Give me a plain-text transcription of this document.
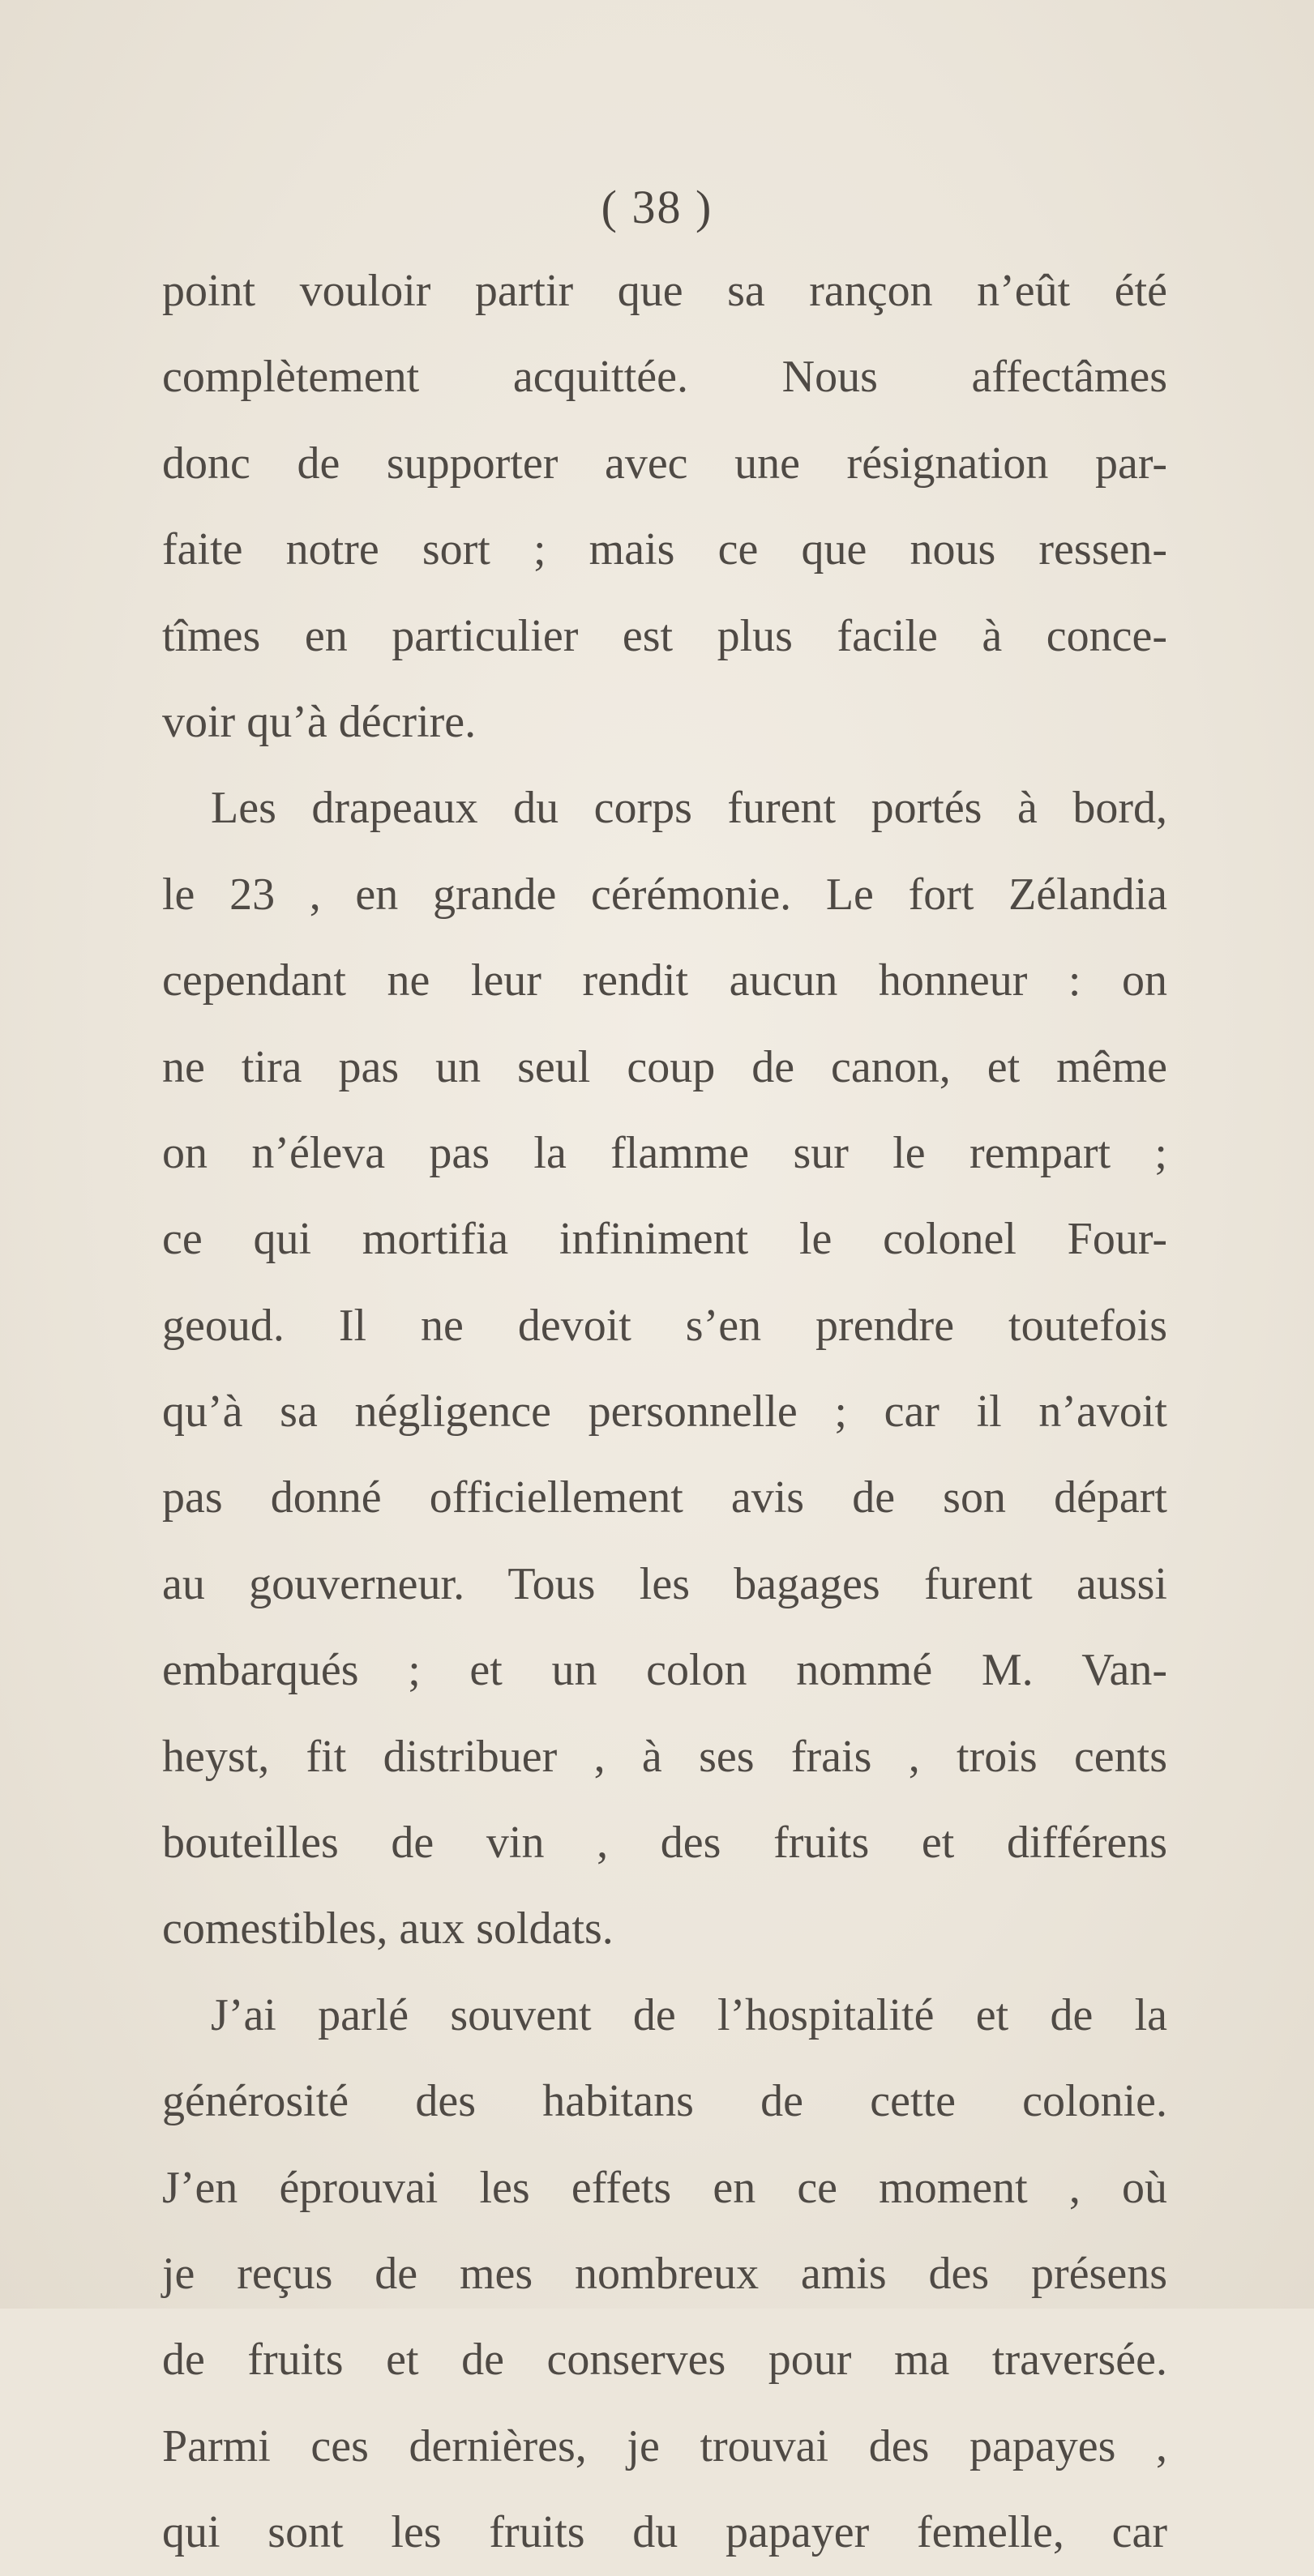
( 38 )
point vouloir partir que sa rançon n’eût été
complètement acquittée. Nous affectâmes
donc de supporter avec une résignation par-
faite notre sort ; mais ce que nous ressen-
tîmes en particulier est plus facile à conce-
voir qu’à décrire.
Les drapeaux du corps furent portés à bord,
le 23 , en grande cérémonie. Le fort Zélandia
cependant ne leur rendit aucun honneur : on
ne tira pas un seul coup de canon, et même
on n’éleva pas la flamme sur le rempart ;
ce qui mortifia infiniment le colonel Four-
geoud. Il ne devoit s’en prendre toutefois
qu’à sa négligence personnelle ; car il n’avoit
pas donné officiellement avis de son départ
au gouverneur. Tous les bagages furent aussi
embarqués ; et un colon nommé M. Van-
heyst, fit distribuer , à ses frais , trois cents
bouteilles de vin , des fruits et différens
comestibles, aux soldats.
J’ai parlé souvent de l’hospitalité et de la
générosité des habitans de cette colonie.
J’en éprouvai les effets en ce moment , où
je reçus de mes nombreux amis des présens
de fruits et de conserves pour ma traversée.
Parmi ces dernières, je trouvai des papayes ,
qui sont les fruits du papayer femelle, car
